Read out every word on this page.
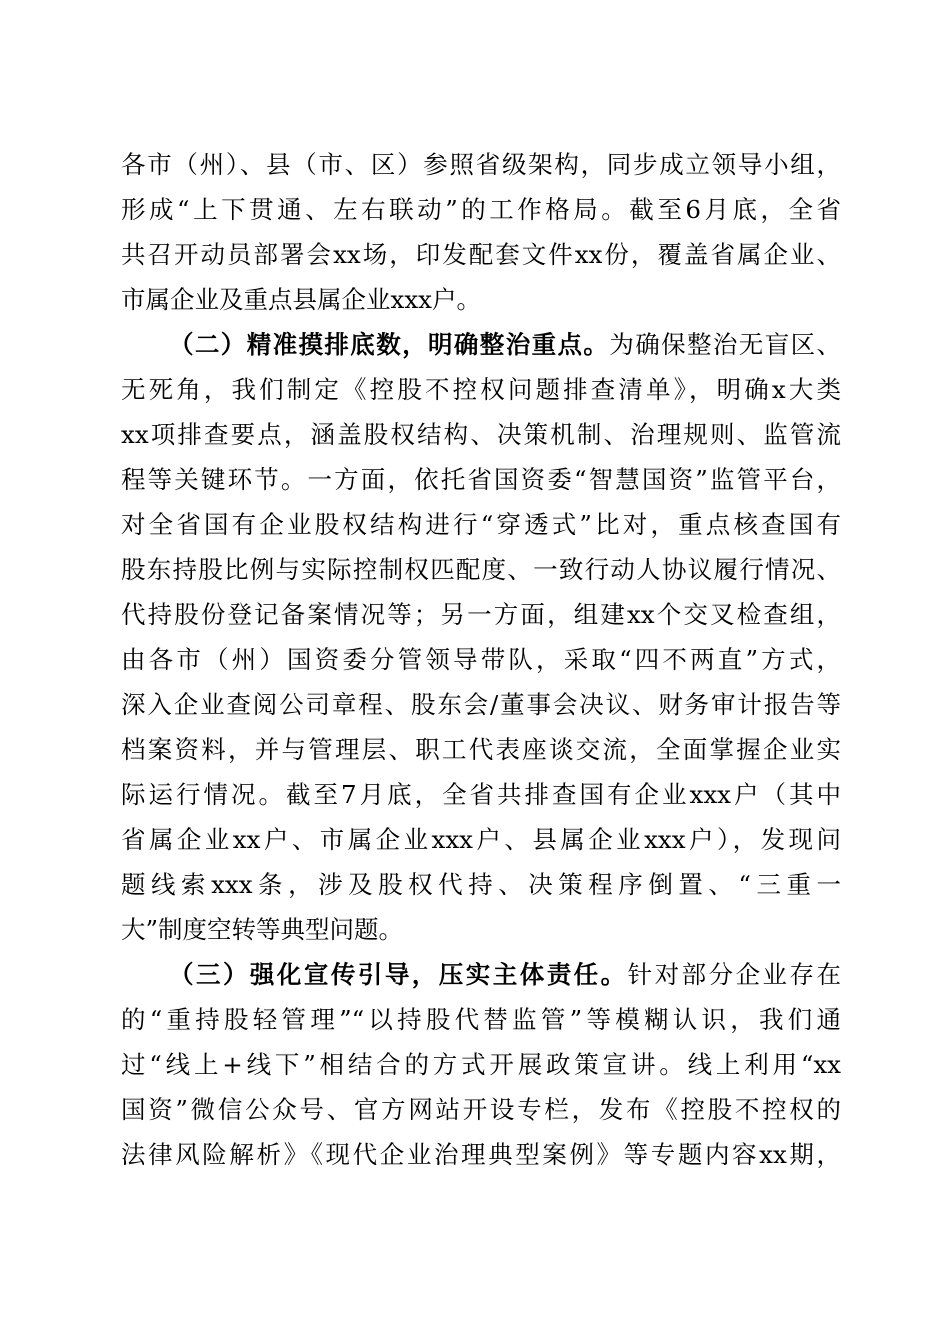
各市（州）、县（市、区）参照省级架构，同步成立领导小组，
形成“上下贯通、左右联动”的工作格局。截至6月底，全省
共召开动员部署会xx场，印发配套文件xx份，覆盖省属企业、
市属企业及重点县属企业xxx户。
（二）精准摸排底数，明确整治重点。为确保整治无盲区、
无死角，我们制定《控股不控权问题排查清单》，明确x大类
xx项排查要点，涵盖股权结构、决策机制、治理规则、监管流
程等关键环节。一方面，依托省国资委“智慧国资”监管平台，
对全省国有企业股权结构进行“穿透式”比对，重点核查国有
股东持股比例与实际控制权匹配度、一致行动人协议履行情况、
代持股份登记备案情况等；另一方面，组建xx个交叉检查组，
由各市（州）国资委分管领导带队，采取“四不两直”方式，
深入企业查阅公司章程、股东会/董事会决议、财务审计报告等
档案资料，并与管理层、职工代表座谈交流，全面掌握企业实
际运行情况。截至7月底，全省共排查国有企业xxx户（其中
省属企业xx户、市属企业xxx户、县属企业xxx户），发现问
题线索xxx条，涉及股权代持、决策程序倒置、“三重一
大”制度空转等典型问题。
（三）强化宣传引导，压实主体责任。针对部分企业存在
的“重持股轻管理”“以持股代替监管”等模糊认识，我们通
过“线上+线下”相结合的方式开展政策宣讲。线上利用“xx
国资”微信公众号、官方网站开设专栏，发布《控股不控权的
法律风险解析》《现代企业治理典型案例》等专题内容xx期，
